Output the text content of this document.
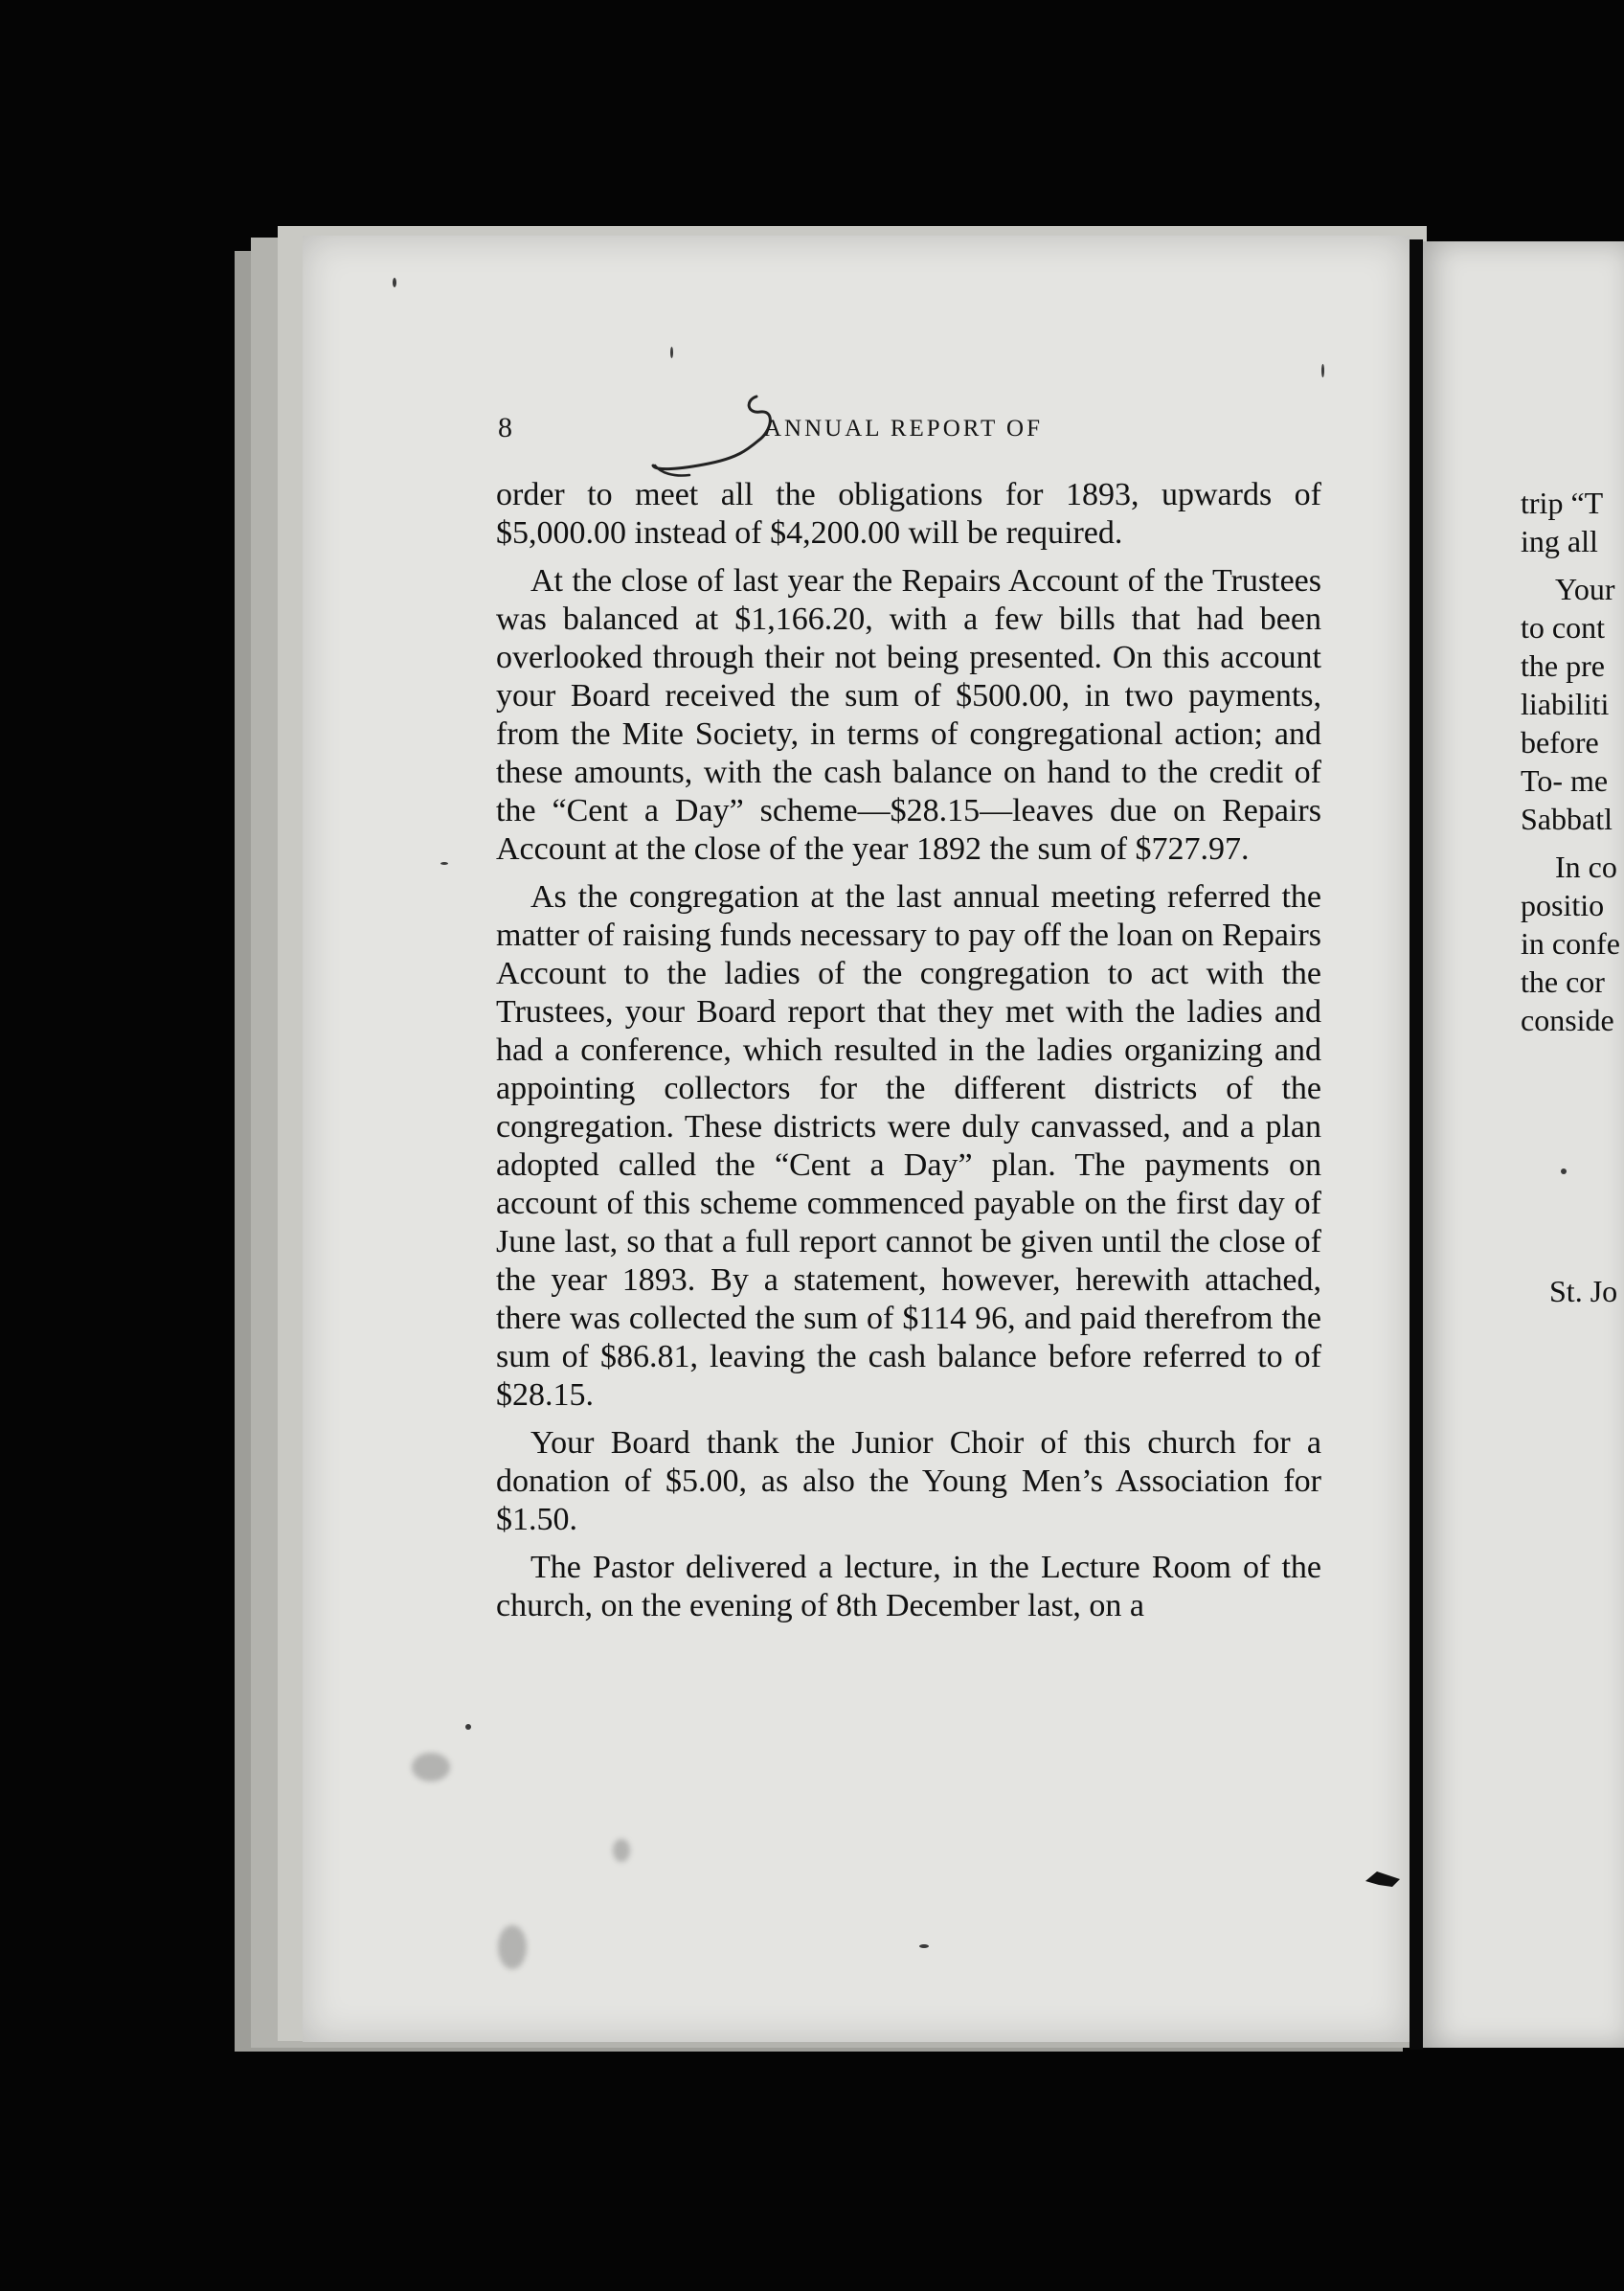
8	ANNUAL REPORT OF

order to meet all the obligations for 1893, upwards of $5,000.00 instead of $4,200.00 will be required.

At the close of last year the Repairs Account of the Trustees was balanced at $1,166.20, with a few bills that had been overlooked through their not being presented. On this account your Board received the sum of $500.00, in two payments, from the Mite Society, in terms of congregational action; and these amounts, with the cash balance on hand to the credit of the “Cent a Day” scheme—$28.15—leaves due on Repairs Account at the close of the year 1892 the sum of $727.97.

As the congregation at the last annual meeting referred the matter of raising funds necessary to pay off the loan on Repairs Account to the ladies of the congregation to act with the Trustees, your Board report that they met with the ladies and had a conference, which resulted in the ladies organizing and appointing collectors for the different districts of the congregation. These districts were duly canvassed, and a plan adopted called the “Cent a Day” plan. The payments on account of this scheme commenced payable on the first day of June last, so that a full report cannot be given until the close of the year 1893. By a statement, however, herewith attached, there was collected the sum of $114 96, and paid therefrom the sum of $86.81, leaving the cash balance before referred to of $28.15.

Your Board thank the Junior Choir of this church for a donation of $5.00, as also the Young Men’s Association for $1.50.

The Pastor delivered a lecture, in the Lecture Room of the church, on the evening of 8th December last, on a

trip “T
ing all
Your
to cont
the pre
liabiliti
before
To- me
Sabbatl
In co
positio
in confe
the cor
conside
St. Jo
